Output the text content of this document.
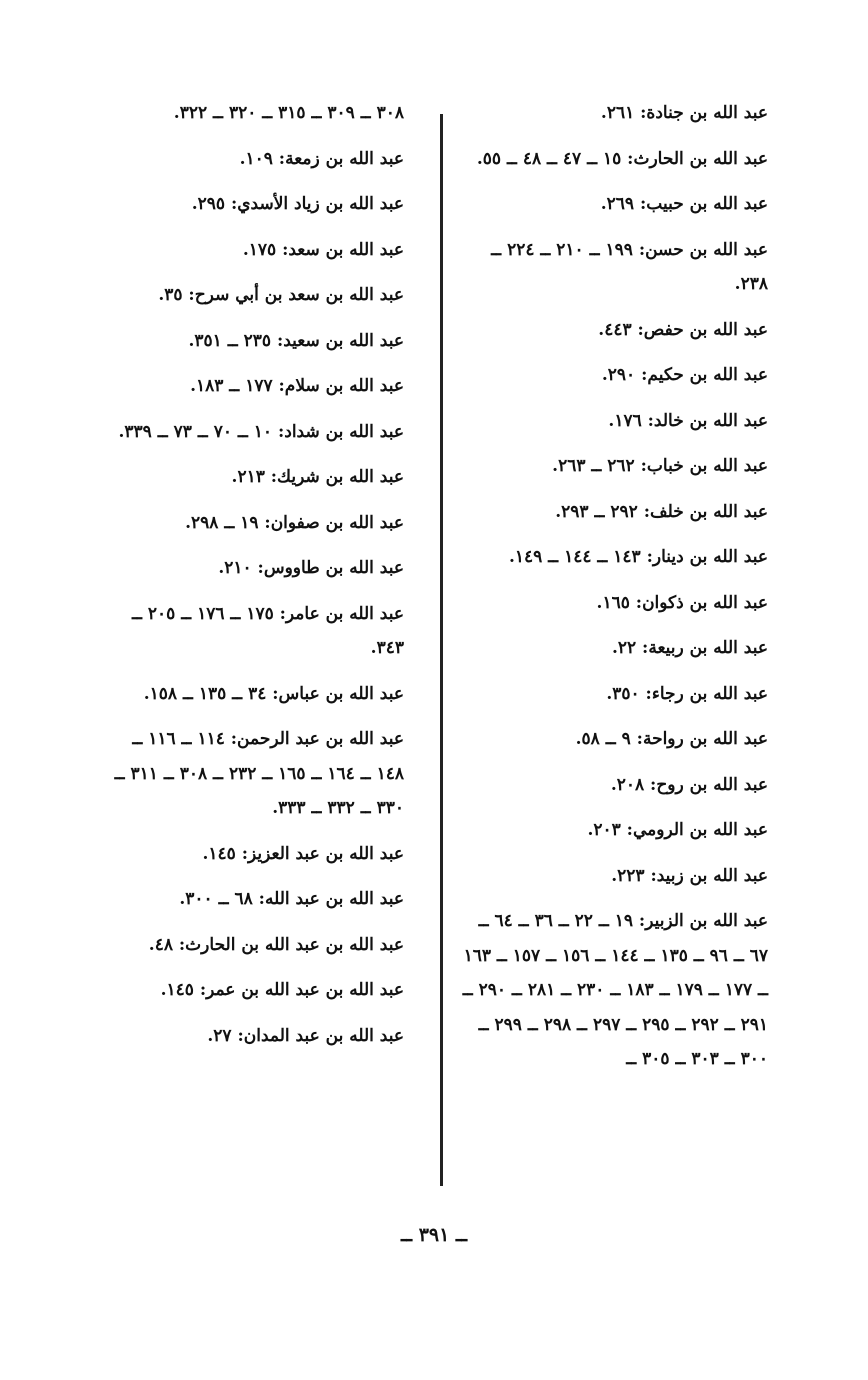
عبد الله بن جنادة: ٢٦١.
عبد الله بن الحارث: ١٥ ــ ٤٧ ــ ٤٨ ــ ٥٥.
عبد الله بن حبيب: ٢٦٩.
عبد الله بن حسن: ١٩٩ ــ ٢١٠ ــ ٢٢٤ ــ ٢٣٨.
عبد الله بن حفص: ٤٤٣.
عبد الله بن حكيم: ٢٩٠.
عبد الله بن خالد: ١٧٦.
عبد الله بن خباب: ٢٦٢ ــ ٢٦٣.
عبد الله بن خلف: ٢٩٢ ــ ٢٩٣.
عبد الله بن دينار: ١٤٣ ــ ١٤٤ ــ ١٤٩.
عبد الله بن ذكوان: ١٦٥.
عبد الله بن ربيعة: ٢٢.
عبد الله بن رجاء: ٣٥٠.
عبد الله بن رواحة: ٩ ــ ٥٨.
عبد الله بن روح: ٢٠٨.
عبد الله بن الرومي: ٢٠٣.
عبد الله بن زبيد: ٢٢٣.
عبد الله بن الزبير: ١٩ ــ ٢٢ ــ ٣٦ ــ ٦٤ ــ ٦٧ ــ ٩٦ ــ ١٣٥ ــ ١٤٤ ــ ١٥٦ ــ ١٥٧ ــ ١٦٣ ــ ١٧٧ ــ ١٧٩ ــ ١٨٣ ــ ٢٣٠ ــ ٢٨١ ــ ٢٩٠ ــ ٢٩١ ــ ٢٩٢ ــ ٢٩٥ ــ ٢٩٧ ــ ٢٩٨ ــ ٢٩٩ ــ ٣٠٠ ــ ٣٠٣ ــ ٣٠٥ ــ
٣٠٨ ــ ٣٠٩ ــ ٣١٥ ــ ٣٢٠ ــ ٣٢٢.
عبد الله بن زمعة: ١٠٩.
عبد الله بن زياد الأسدي: ٢٩٥.
عبد الله بن سعد: ١٧٥.
عبد الله بن سعد بن أبي سرح: ٣٥.
عبد الله بن سعيد: ٢٣٥ ــ ٣٥١.
عبد الله بن سلام: ١٧٧ ــ ١٨٣.
عبد الله بن شداد: ١٠ ــ ٧٠ ــ ٧٣ ــ ٣٣٩.
عبد الله بن شريك: ٢١٣.
عبد الله بن صفوان: ١٩ ــ ٢٩٨.
عبد الله بن طاووس: ٢١٠.
عبد الله بن عامر: ١٧٥ ــ ١٧٦ ــ ٢٠٥ ــ ٣٤٣.
عبد الله بن عباس: ٣٤ ــ ١٣٥ ــ ١٥٨.
عبد الله بن عبد الرحمن: ١١٤ ــ ١١٦ ــ ١٤٨ ــ ١٦٤ ــ ١٦٥ ــ ٢٣٢ ــ ٣٠٨ ــ ٣١١ ــ ٣٣٠ ــ ٣٣٢ ــ ٣٣٣.
عبد الله بن عبد العزيز: ١٤٥.
عبد الله بن عبد الله: ٦٨ ــ ٣٠٠.
عبد الله بن عبد الله بن الحارث: ٤٨.
عبد الله بن عبد الله بن عمر: ١٤٥.
عبد الله بن عبد المدان: ٢٧.
ــ ٣٩١ ــ
